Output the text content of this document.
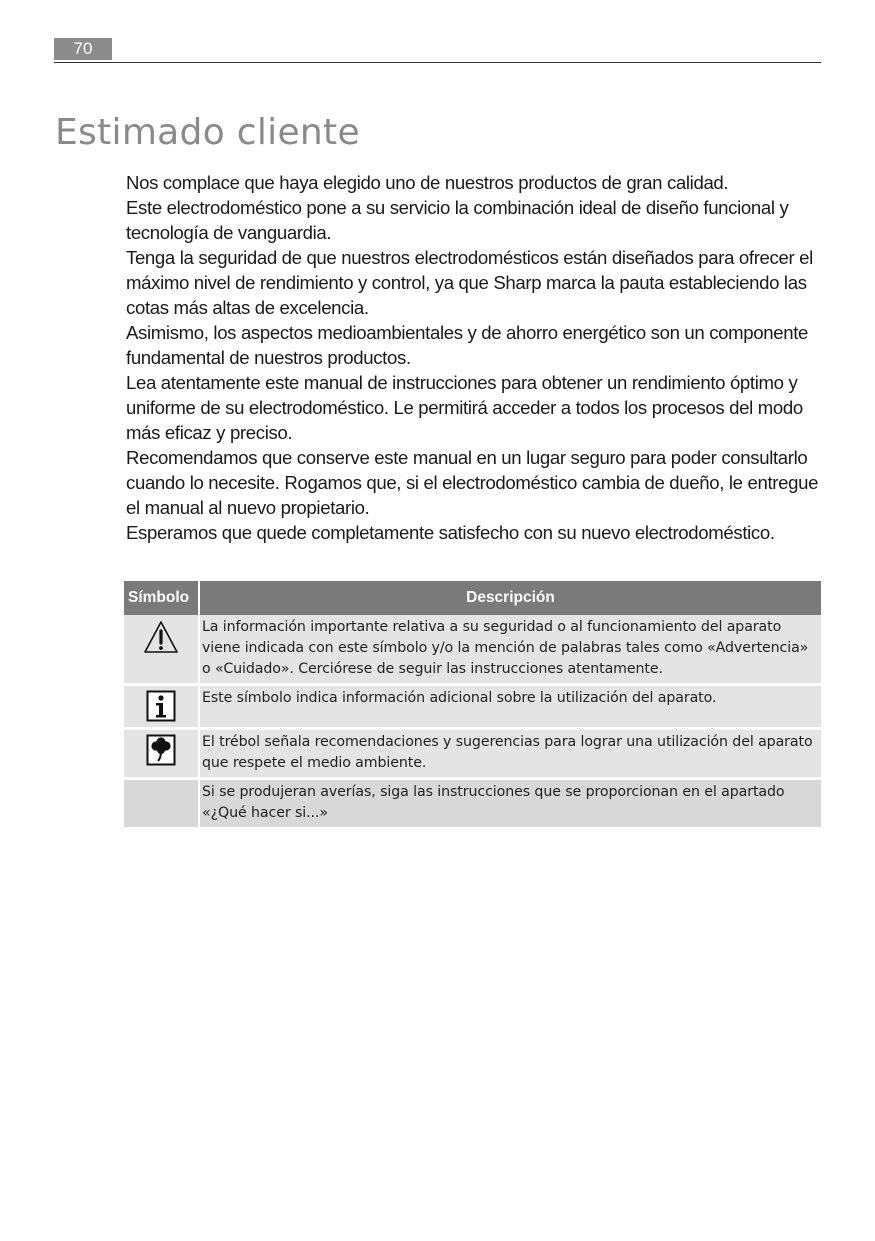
70
Estimado cliente

Nos complace que haya elegido uno de nuestros productos de gran calidad.

Este electrodoméstico pone a su servicio la combinación ideal de diseño funcional y tecnología de vanguardia.

Tenga la seguridad de que nuestros electrodomésticos están diseñados para ofrecer el máximo nivel de rendimiento y control, ya que Sharp marca la pauta estableciendo las cotas más altas de excelencia.

Asimismo, los aspectos medioambientales y de ahorro energético son un componente fundamental de nuestros productos.

Lea atentamente este manual de instrucciones para obtener un rendimiento óptimo y uniforme de su electrodoméstico. Le permitirá acceder a todos los procesos del modo más eficaz y preciso.

Recomendamos que conserve este manual en un lugar seguro para poder consultarlo cuando lo necesite. Rogamos que, si el electrodoméstico cambia de dueño, le entregue el manual al nuevo propietario.

Esperamos que quede completamente satisfecho con su nuevo electrodoméstico.

Símbolo	Descripción

	La información importante relativa a su seguridad o al funcionamiento del aparato viene indicada con este símbolo y/o la mención de palabras tales como «Advertencia» o «Cuidado». Cerciórese de seguir las instrucciones atentamente.

	Este símbolo indica información adicional sobre la utilización del aparato.

	El trébol señala recomendaciones y sugerencias para lograr una utilización del aparato que respete el medio ambiente.
	Si se produjeran averías, siga las instrucciones que se proporcionan en el apartado «¿Qué hacer si...»
